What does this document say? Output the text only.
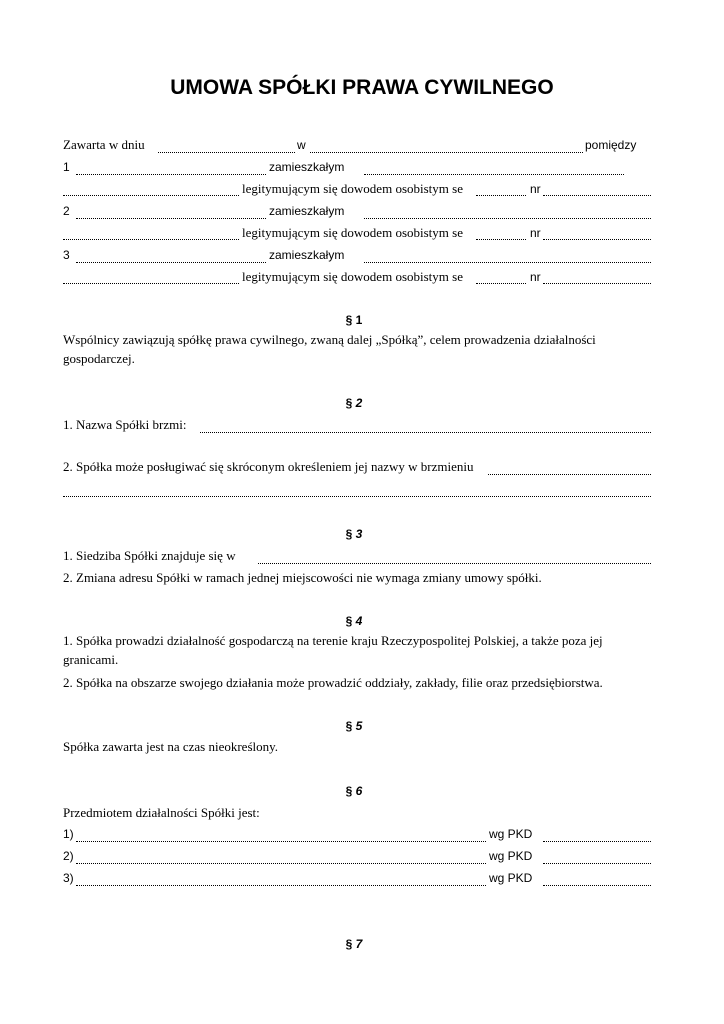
UMOWA SPÓŁKI PRAWA CYWILNEGO
Zawarta w dniu	w	pomiędzy
1	zamieszkałym
legitymującym się dowodem osobistym se	nr
2	zamieszkałym
legitymującym się dowodem osobistym se	nr
3	zamieszkałym
legitymującym się dowodem osobistym se	nr
§ 1
Wspólnicy zawiązują spółkę prawa cywilnego, zwaną dalej „Spółką”, celem prowadzenia działalności gospodarczej.
§ 2
1. Nazwa Spółki brzmi:
2. Spółka może posługiwać się skróconym określeniem jej nazwy w brzmieniu
§ 3
1. Siedziba Spółki znajduje się w
2. Zmiana adresu Spółki w ramach jednej miejscowości nie wymaga zmiany umowy spółki.
§ 4
1. Spółka prowadzi działalność gospodarczą na terenie kraju Rzeczypospolitej Polskiej, a także poza jej granicami.
2. Spółka na obszarze swojego działania może prowadzić oddziały, zakłady, filie oraz przedsiębiorstwa.
§ 5
Spółka zawarta jest na czas nieokreślony.
§ 6
Przedmiotem działalności Spółki jest:
1)	wg PKD
2)	wg PKD
3)	wg PKD
§ 7
